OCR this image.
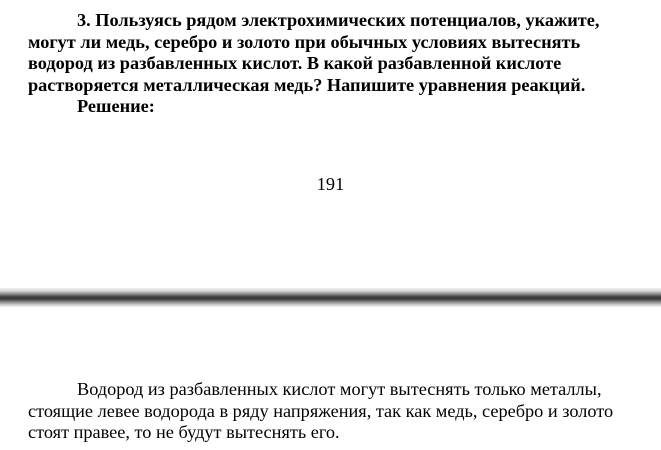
3. Пользуясь рядом электрохимических потенциалов, укажите,
могут ли медь, серебро и золото при обычных условиях вытеснять
водород из разбавленных кислот. В какой разбавленной кислоте
растворяется металлическая медь? Напишите уравнения реакций.
Решение:
191
Водород из разбавленных кислот могут вытеснять только металлы,
стоящие левее водорода в ряду напряжения, так как медь, серебро и золото
стоят правее, то не будут вытеснять его.
